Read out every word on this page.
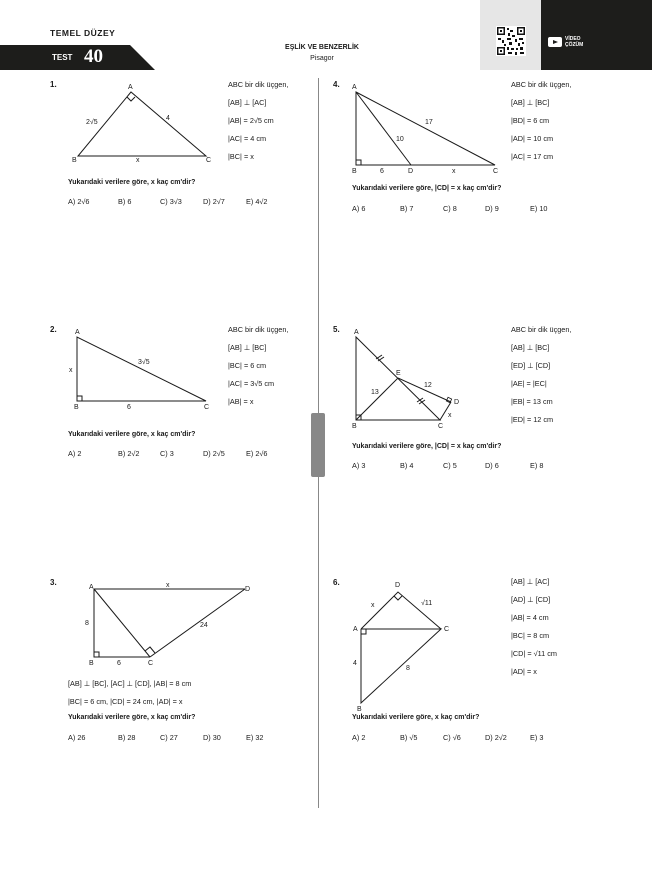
TEMEL DÜZEY
TEST 40	EŞLİK VE BENZERLİK
Pisagor
VİDEO
ÇÖZÜM
A
B	C
2√5
4
x
A
B	C
x
3√5
6
A
B	C
D
8
6
24
x
A
B	C
D
6
10
17
x
A
B	C
D
E
13
12
x
D
A	C
B
4
8
√11
x
1.	ABC bir dik üçgen,
[AB] ⊥ [AC]
|AB| = 2√5 cm
|AC| = 4 cm
|BC| = x
Yukarıdaki verilere göre, x kaç cm'dir?
A) 2√6	B) 6	C) 3√3	D) 2√7	E) 4√2
2.	ABC bir dik üçgen,
[AB] ⊥ [BC]
|BC| = 6 cm
|AC| = 3√5 cm
|AB| = x
Yukarıdaki verilere göre, x kaç cm'dir?
A) 2	B) 2√2	C) 3	D) 2√5	E) 2√6
3.
[AB] ⊥ [BC], [AC] ⊥ [CD], |AB| = 8 cm
|BC| = 6 cm, |CD| = 24 cm, |AD| = x
Yukarıdaki verilere göre, x kaç cm'dir?
A) 26	B) 28	C) 27	D) 30	E) 32
4.	ABC bir dik üçgen,
[AB] ⊥ [BC]
|BD| = 6 cm
|AD| = 10 cm
|AC| = 17 cm
Yukarıdaki verilere göre, |CD| = x kaç cm'dir?
A) 6	B) 7	C) 8	D) 9	E) 10
5.	ABC bir dik üçgen,
[AB] ⊥ [BC]
[ED] ⊥ [CD]
|AE| = |EC|
|EB| = 13 cm
|ED| = 12 cm
Yukarıdaki verilere göre, |CD| = x kaç cm'dir?
A) 3	B) 4	C) 5	D) 6	E) 8
6.	[AB] ⊥ [AC]
[AD] ⊥ [CD]
|AB| = 4 cm
|BC| = 8 cm
|CD| = √11 cm
|AD| = x
Yukarıdaki verilere göre, x kaç cm'dir?
A) 2	B) √5	C) √6	D) 2√2	E) 3
